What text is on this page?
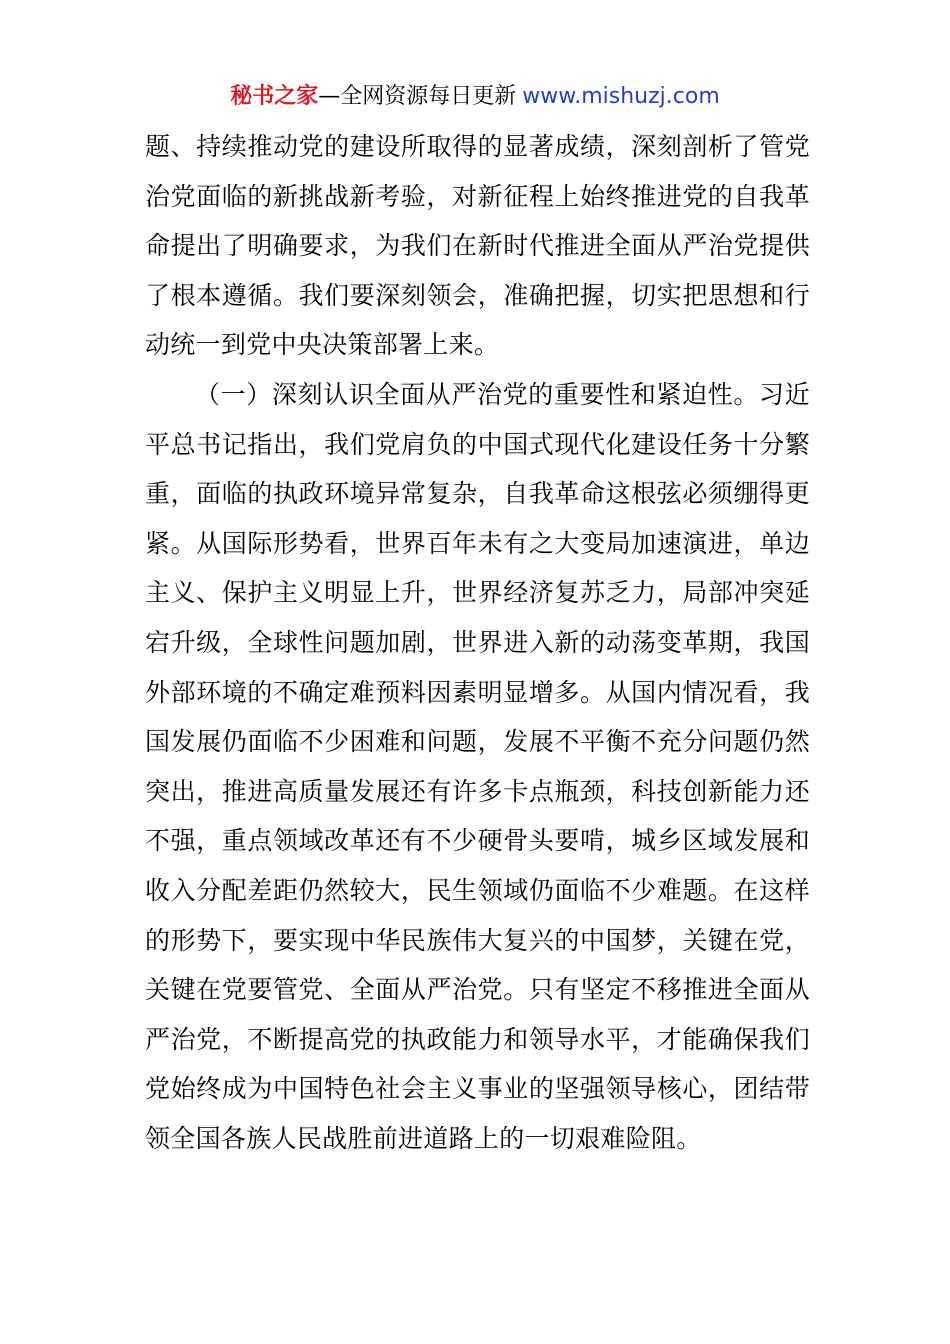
秘书之家—全网资源每日更新 www.mishuzj.com

题、持续推动党的建设所取得的显著成绩，深刻剖析了管党治党面临的新挑战新考验，对新征程上始终推进党的自我革命提出了明确要求，为我们在新时代推进全面从严治党提供了根本遵循。我们要深刻领会，准确把握，切实把思想和行动统一到党中央决策部署上来。

（一）深刻认识全面从严治党的重要性和紧迫性。习近平总书记指出，我们党肩负的中国式现代化建设任务十分繁重，面临的执政环境异常复杂，自我革命这根弦必须绷得更紧。从国际形势看，世界百年未有之大变局加速演进，单边主义、保护主义明显上升，世界经济复苏乏力，局部冲突延宕升级，全球性问题加剧，世界进入新的动荡变革期，我国外部环境的不确定难预料因素明显增多。从国内情况看，我国发展仍面临不少困难和问题，发展不平衡不充分问题仍然突出，推进高质量发展还有许多卡点瓶颈，科技创新能力还不强，重点领域改革还有不少硬骨头要啃，城乡区域发展和收入分配差距仍然较大，民生领域仍面临不少难题。在这样的形势下，要实现中华民族伟大复兴的中国梦，关键在党，关键在党要管党、全面从严治党。只有坚定不移推进全面从严治党，不断提高党的执政能力和领导水平，才能确保我们党始终成为中国特色社会主义事业的坚强领导核心，团结带领全国各族人民战胜前进道路上的一切艰难险阻。
